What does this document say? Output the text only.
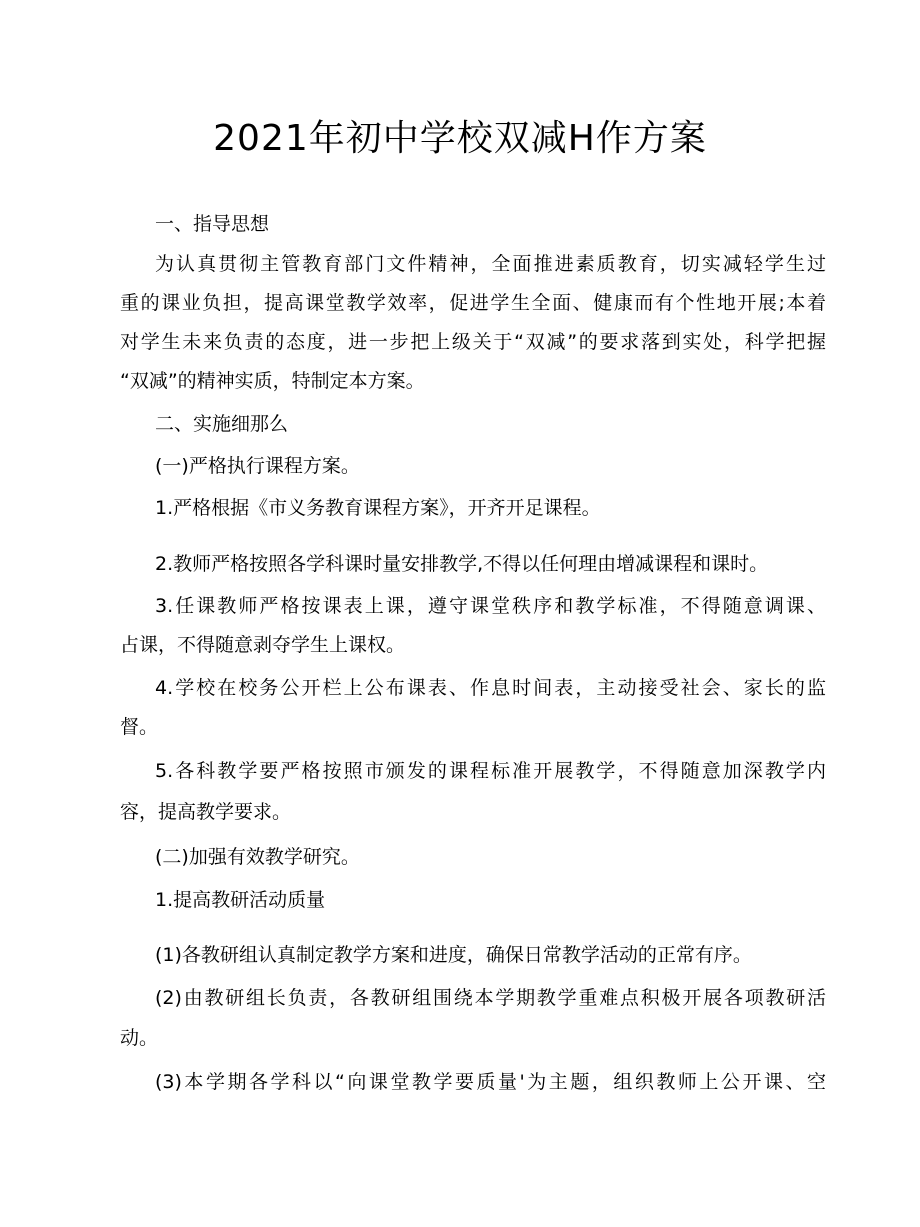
2021年初中学校双减H作方案
一、指导思想
为认真贯彻主管教育部门文件精神，全面推进素质教育，切实减轻学生过
重的课业负担，提高课堂教学效率，促进学生全面、健康而有个性地开展;本着
对学生未来负责的态度，进一步把上级关于“双减”的要求落到实处，科学把握
“双减”的精神实质，特制定本方案。
二、实施细那么
(一)严格执行课程方案。
1.严格根据《市义务教育课程方案》，开齐开足课程。
2.教师严格按照各学科课时量安排教学,不得以任何理由增减课程和课时。
3.任课教师严格按课表上课，遵守课堂秩序和教学标准，不得随意调课、
占课，不得随意剥夺学生上课权。
4.学校在校务公开栏上公布课表、作息时间表，主动接受社会、家长的监
督。
5.各科教学要严格按照市颁发的课程标准开展教学，不得随意加深教学内
容，提高教学要求。
(二)加强有效教学研究。
1.提高教研活动质量
(1)各教研组认真制定教学方案和进度，确保日常教学活动的正常有序。
(2)由教研组长负责，各教研组围绕本学期教学重难点积极开展各项教研活
动。
(3)本学期各学科以“向课堂教学要质量'为主题，组织教师上公开课、空
